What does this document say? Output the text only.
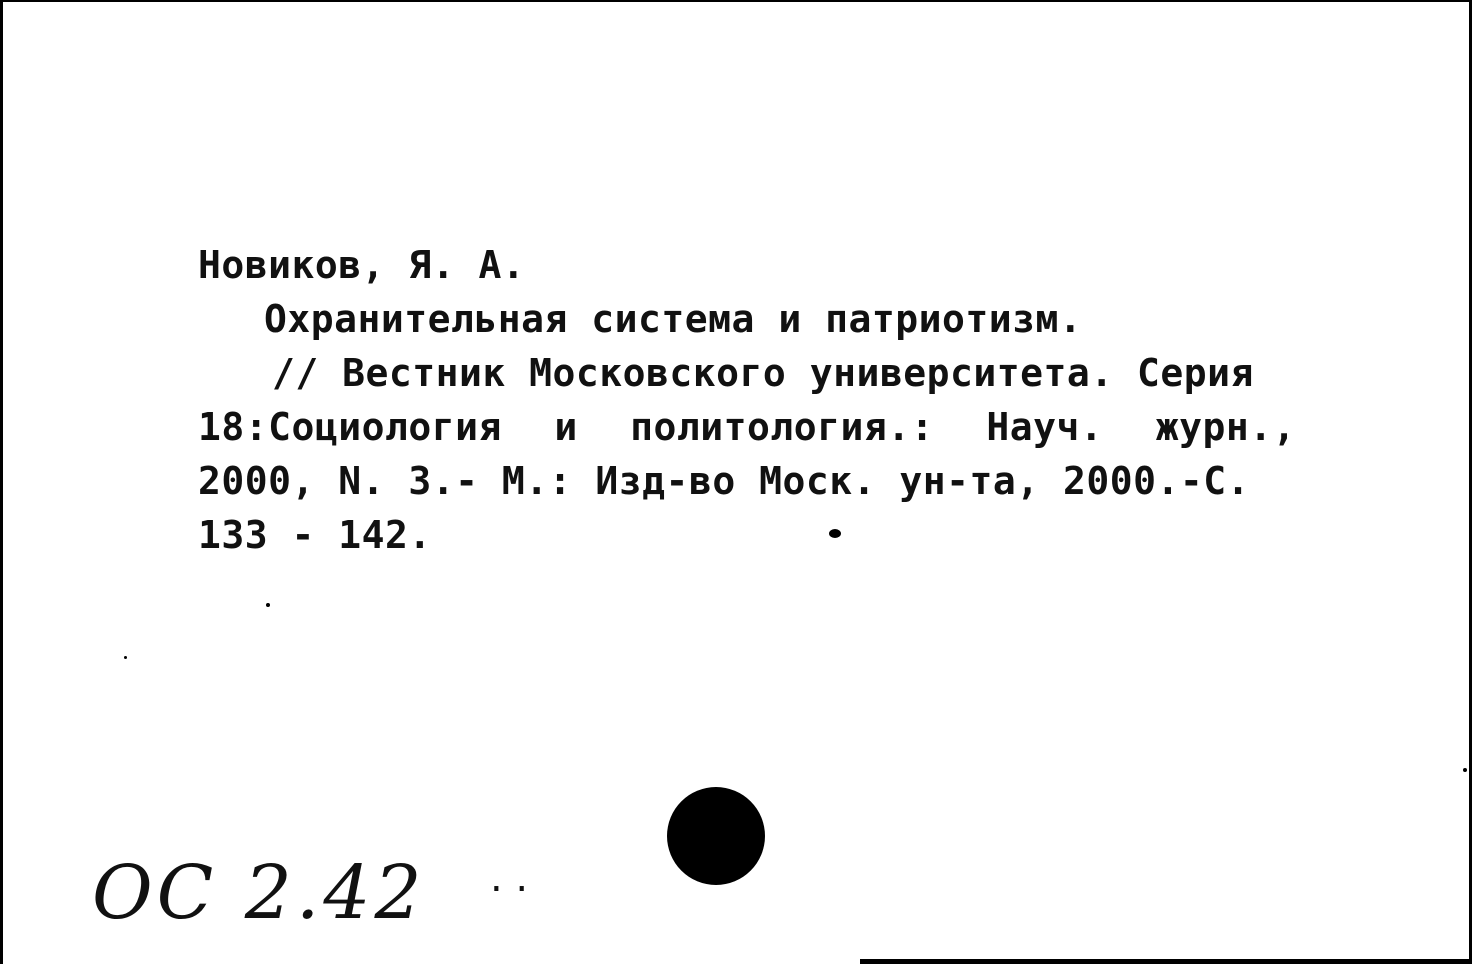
Новиков, Я. А.
Охранительная система и патриотизм.
// Вестник Московского университета. Серия
18:Социология и политология.: Науч. журн.,
2000, N. 3.- М.: Изд-во Моск. ун-та, 2000.-С.
133 - 142.
ОС 2.42 . .
